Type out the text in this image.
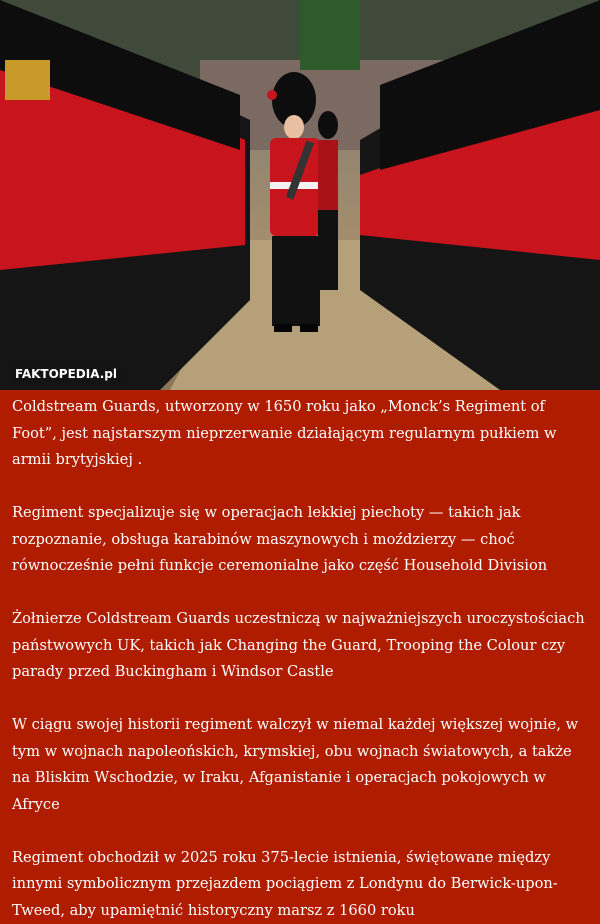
FAKTOPEDIA.pl

Coldstream Guards, utworzony w 1650 roku jako „Monck’s Regiment of Foot”, jest najstarszym nieprzerwanie działającym regularnym pułkiem w armii brytyjskiej .

Regiment specjalizuje się w operacjach lekkiej piechoty — takich jak rozpoznanie, obsługa karabinów maszynowych i moździerzy — choć równocześnie pełni funkcje ceremonialne jako część Household Division

Żołnierze Coldstream Guards uczestniczą w najważniejszych uroczystościach państwowych UK, takich jak Changing the Guard, Trooping the Colour czy parady przed Buckingham i Windsor Castle

W ciągu swojej historii regiment walczył w niemal każdej większej wojnie, w tym w wojnach napoleońskich, krymskiej, obu wojnach światowych, a także na Bliskim Wschodzie, w Iraku, Afganistanie i operacjach pokojowych w Afryce

Regiment obchodził w 2025 roku 375-lecie istnienia, świętowane między innymi symbolicznym przejazdem pociągiem z Londynu do Berwick-upon-Tweed, aby upamiętnić historyczny marsz z 1660 roku
